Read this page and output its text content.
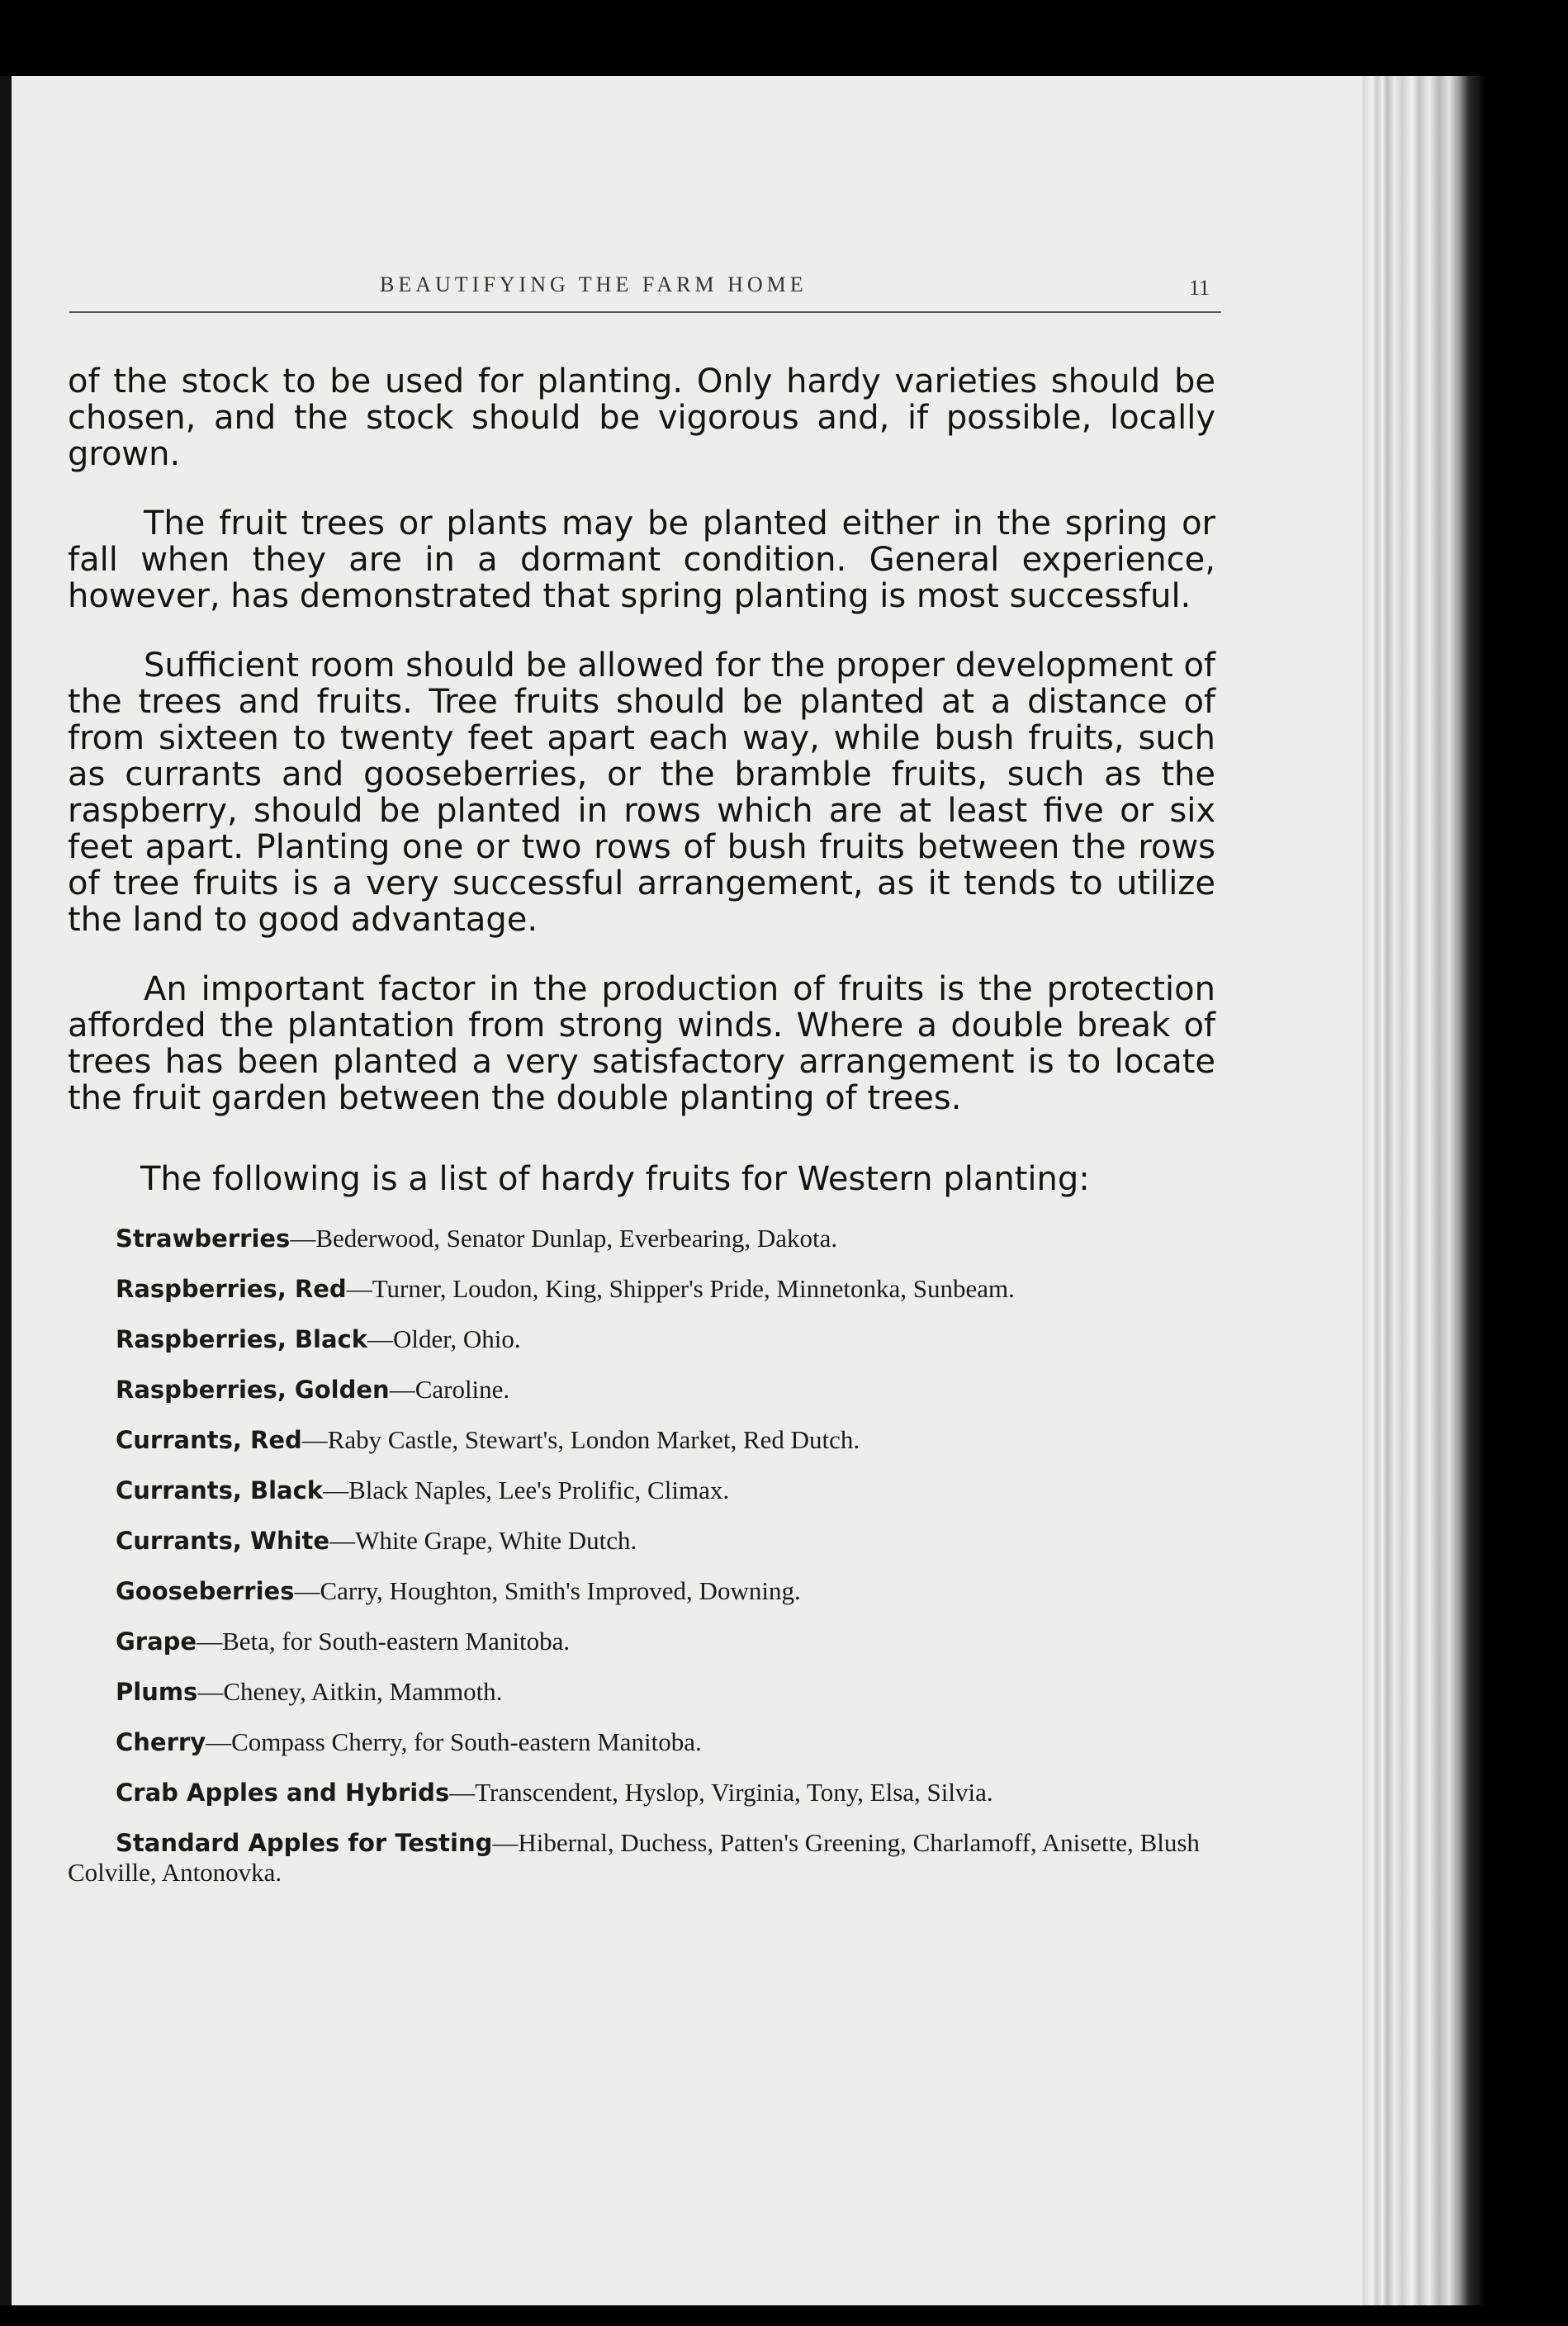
BEAUTIFYING THE FARM HOME	11

of the stock to be used for planting. Only hardy varieties should be chosen, and the stock should be vigorous and, if possible, locally grown.

The fruit trees or plants may be planted either in the spring or fall when they are in a dormant condition. General experience, however, has demonstrated that spring planting is most successful.

Sufficient room should be allowed for the proper development of the trees and fruits. Tree fruits should be planted at a distance of from sixteen to twenty feet apart each way, while bush fruits, such as currants and gooseberries, or the bramble fruits, such as the raspberry, should be planted in rows which are at least five or six feet apart. Planting one or two rows of bush fruits between the rows of tree fruits is a very successful arrangement, as it tends to utilize the land to good advantage.

An important factor in the production of fruits is the protection afforded the plantation from strong winds. Where a double break of trees has been planted a very satisfactory arrangement is to locate the fruit garden between the double planting of trees.

The following is a list of hardy fruits for Western planting:
Strawberries—Bederwood, Senator Dunlap, Everbearing, Dakota.
Raspberries, Red—Turner, Loudon, King, Shipper's Pride, Minnetonka, Sunbeam.
Raspberries, Black—Older, Ohio.
Raspberries, Golden—Caroline.
Currants, Red—Raby Castle, Stewart's, London Market, Red Dutch.
Currants, Black—Black Naples, Lee's Prolific, Climax.
Currants, White—White Grape, White Dutch.
Gooseberries—Carry, Houghton, Smith's Improved, Downing.
Grape—Beta, for South-eastern Manitoba.
Plums—Cheney, Aitkin, Mammoth.
Cherry—Compass Cherry, for South-eastern Manitoba.
Crab Apples and Hybrids—Transcendent, Hyslop, Virginia, Tony, Elsa, Silvia.
Standard Apples for Testing—Hibernal, Duchess, Patten's Greening, Charlamoff, Anisette, Blush Colville, Antonovka.
